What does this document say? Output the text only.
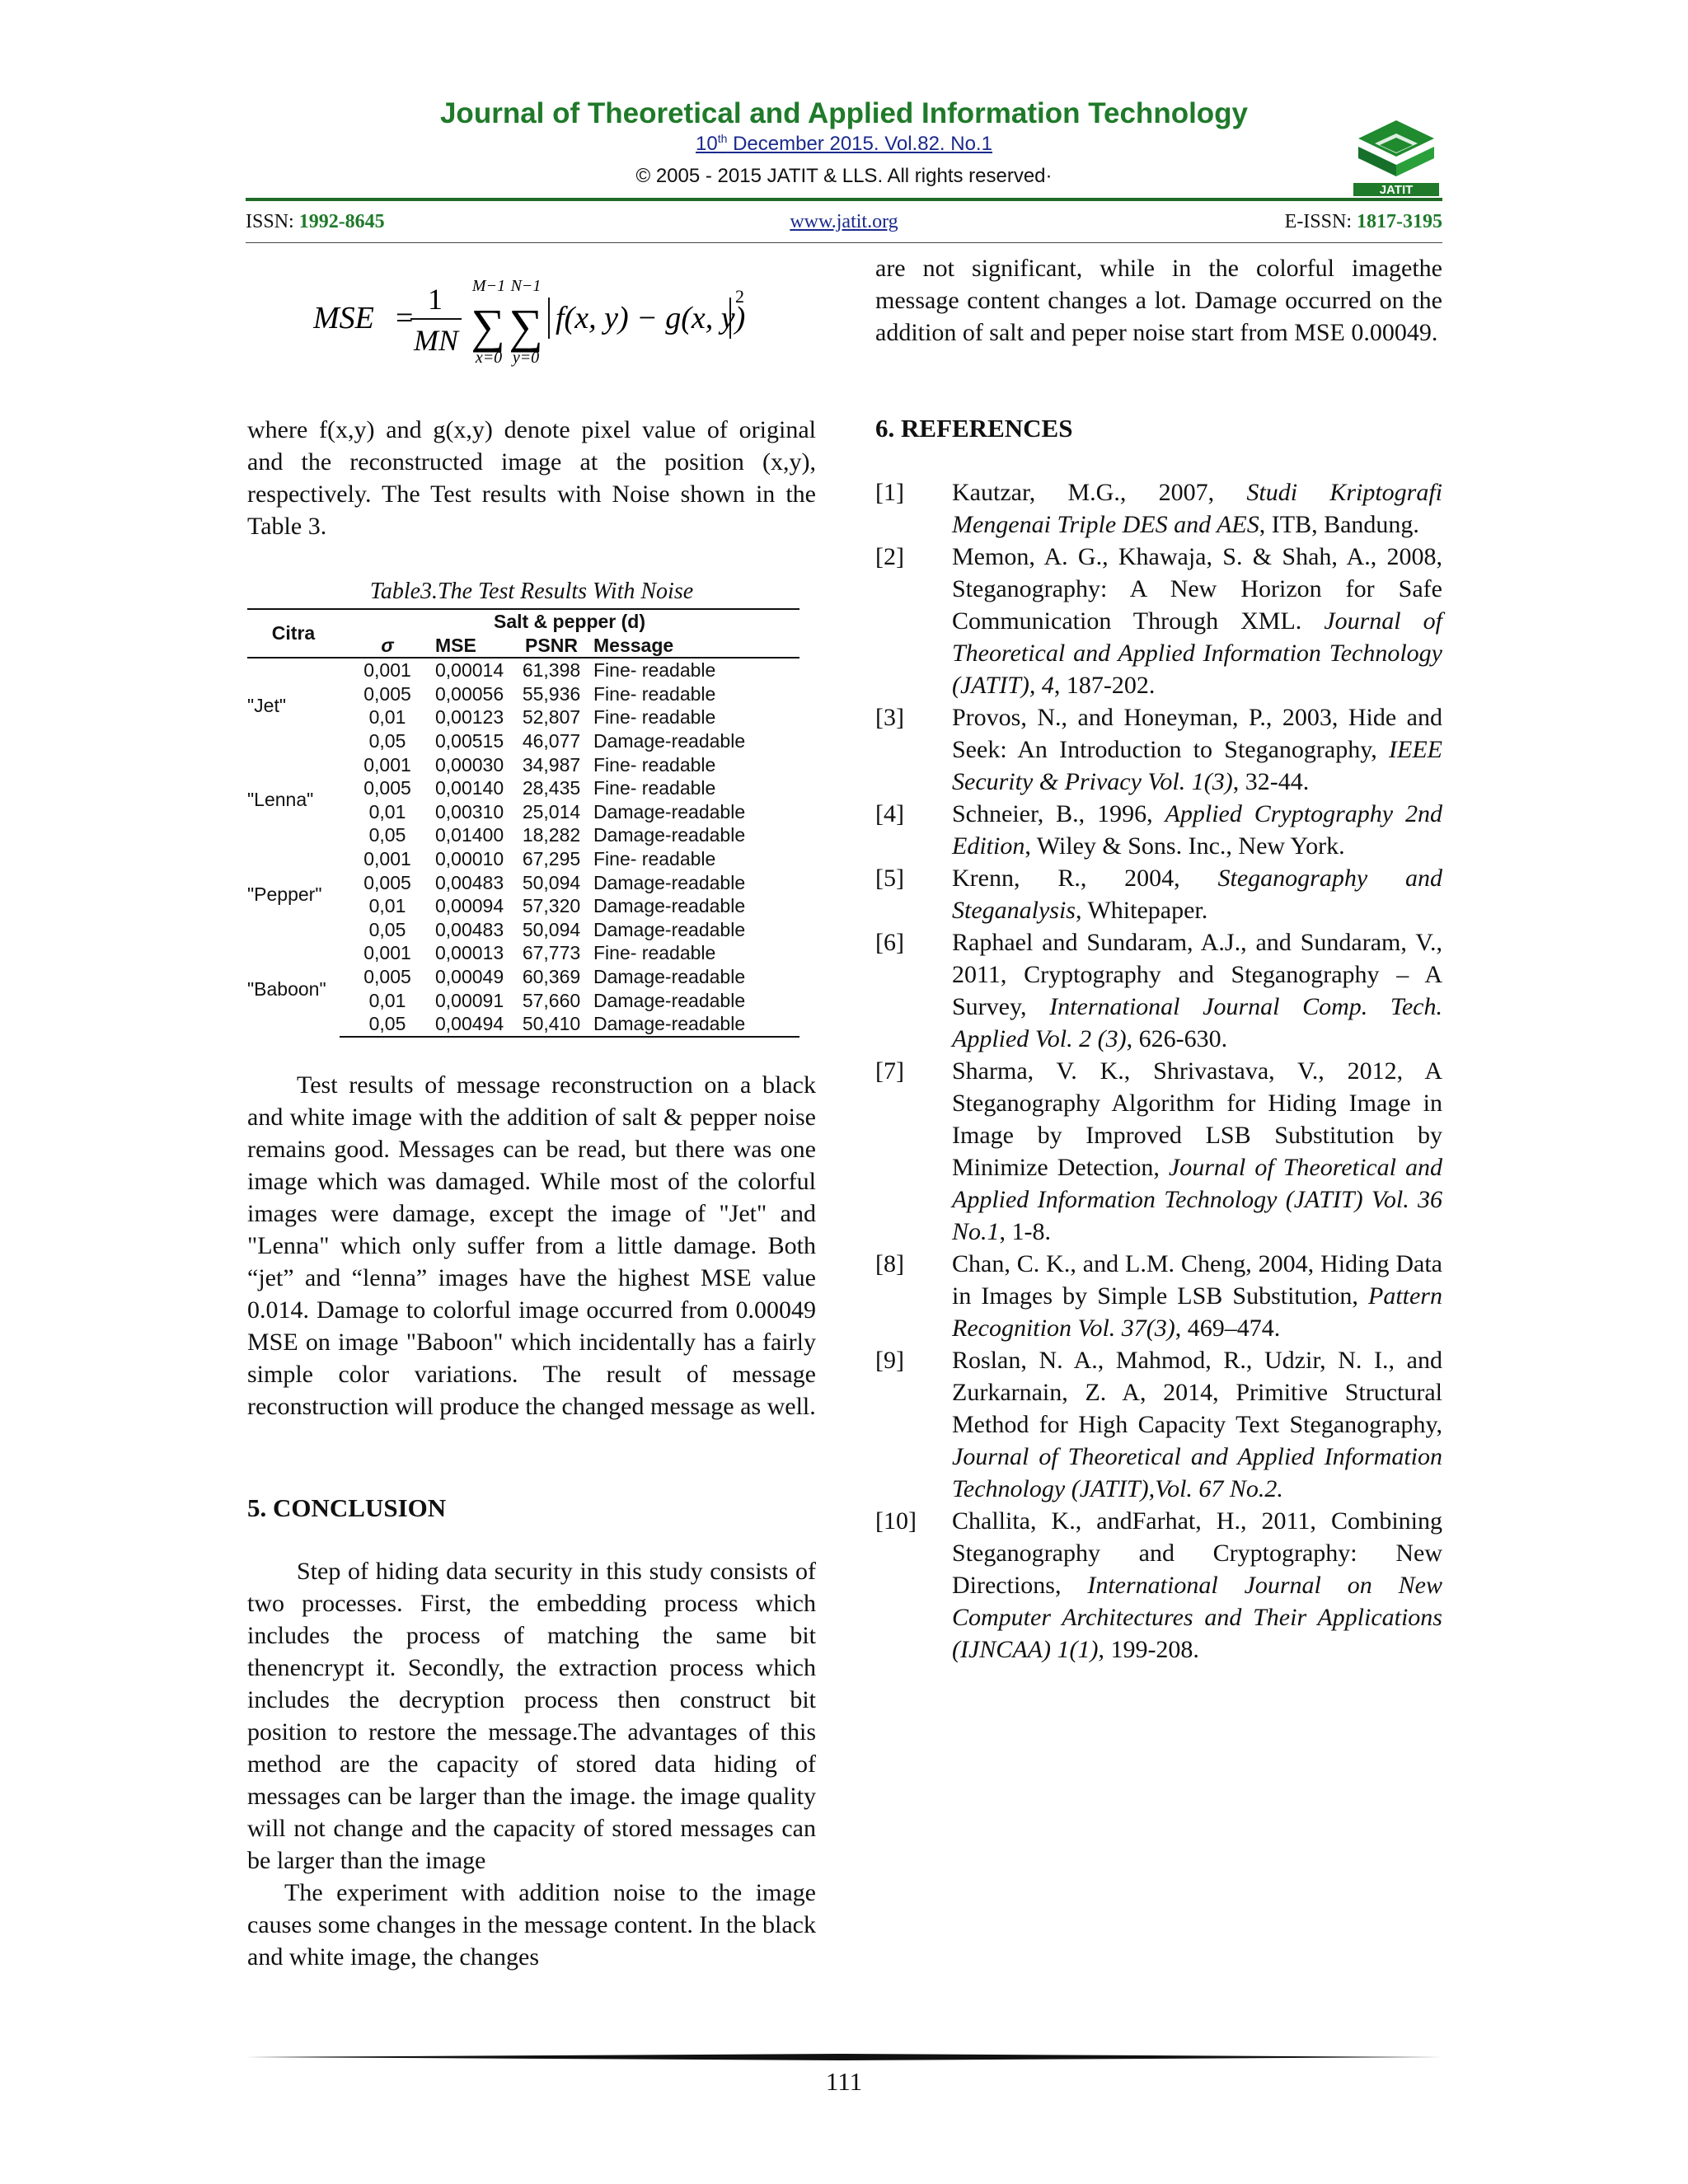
Journal of Theoretical and Applied Information Technology
10th December 2015. Vol.82. No.1
© 2005 - 2015 JATIT & LLS. All rights reserved·
JATIT
ISSN: 1992-8645	www.jatit.org	E-ISSN: 1817-3195
MSE =
1
MN
M−1
∑
x=0
N−1
∑
y=0
f(x, y) − g(x, y)
2

where f(x,y) and g(x,y) denote pixel value of original and the reconstructed image at the position (x,y), respectively. The Test results with Noise shown in the Table 3.

Table3.The Test Results With Noise
Citra	Salt & pepper (d)			
	σ	MSE	PSNR	Message
"Jet"	0,001	0,00014	61,398	Fine- readable
	0,005	0,00056	55,936	Fine- readable
	0,01	0,00123	52,807	Fine- readable
	0,05	0,00515	46,077	Damage-readable
"Lenna"	0,001	0,00030	34,987	Fine- readable
	0,005	0,00140	28,435	Fine- readable
	0,01	0,00310	25,014	Damage-readable
	0,05	0,01400	18,282	Damage-readable
"Pepper"	0,001	0,00010	67,295	Fine- readable
	0,005	0,00483	50,094	Damage-readable
	0,01	0,00094	57,320	Damage-readable
	0,05	0,00483	50,094	Damage-readable
"Baboon"	0,001	0,00013	67,773	Fine- readable
	0,005	0,00049	60,369	Damage-readable
	0,01	0,00091	57,660	Damage-readable
	0,05	0,00494	50,410	Damage-readable

Test results of message reconstruction on a black and white image with the addition of salt & pepper noise remains good. Messages can be read, but there was one image which was damaged. While most of the colorful images were damage, except the image of "Jet" and "Lenna" which only suffer from a little damage. Both “jet” and “lenna” images have the highest MSE value 0.014. Damage to colorful image occurred from 0.00049 MSE on image "Baboon" which incidentally has a fairly simple color variations. The result of message reconstruction will produce the changed message as well.

5. CONCLUSION

Step of hiding data security in this study consists of two processes. First, the embedding process which includes the process of matching the same bit thenencrypt it. Secondly, the extraction process which includes the decryption process then construct bit position to restore the message.The advantages of this method are the capacity of stored data hiding of messages can be larger than the image. the image quality will not change and the capacity of stored messages can be larger than the image

The experiment with addition noise to the image causes some changes in the message content. In the black and white image, the changes

are not significant, while in the colorful imagethe message content changes a lot. Damage occurred on the addition of salt and peper noise start from MSE 0.00049.

6. REFERENCES
[1] Kautzar, M.G., 2007, Studi Kriptografi Mengenai Triple DES and AES, ITB, Bandung.
[2] Memon, A. G., Khawaja, S. & Shah, A., 2008, Steganography: A New Horizon for Safe Communication Through XML. Journal of Theoretical and Applied Information Technology (JATIT), 4, 187-202.
[3] Provos, N., and Honeyman, P., 2003, Hide and Seek: An Introduction to Steganography, IEEE Security & Privacy Vol. 1(3), 32-44.
[4] Schneier, B., 1996, Applied Cryptography 2nd Edition, Wiley & Sons. Inc., New York.
[5] Krenn, R., 2004, Steganography and Steganalysis, Whitepaper.
[6] Raphael and Sundaram, A.J., and Sundaram, V., 2011, Cryptography and Steganography – A Survey, International Journal Comp. Tech. Applied Vol. 2 (3), 626-630.
[7] Sharma, V. K., Shrivastava, V., 2012, A Steganography Algorithm for Hiding Image in Image by Improved LSB Substitution by Minimize Detection, Journal of Theoretical and Applied Information Technology (JATIT) Vol. 36 No.1, 1-8.
[8] Chan, C. K., and L.M. Cheng, 2004, Hiding Data in Images by Simple LSB Substitution, Pattern Recognition Vol. 37(3), 469–474.
[9] Roslan, N. A., Mahmod, R., Udzir, N. I., and Zurkarnain, Z. A, 2014, Primitive Structural Method for High Capacity Text Steganography, Journal of Theoretical and Applied Information Technology (JATIT),Vol. 67 No.2.
[10] Challita, K., andFarhat, H., 2011, Combining Steganography and Cryptography: New Directions, International Journal on New Computer Architectures and Their Applications (IJNCAA) 1(1), 199-208.
111
